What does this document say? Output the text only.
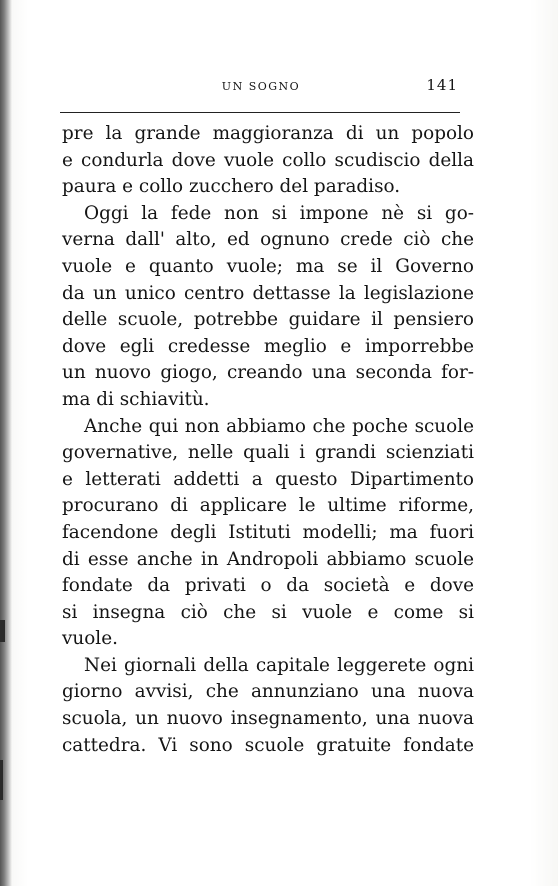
UN SOGNO	141
pre la grande maggioranza di un popolo
e condurla dove vuole collo scudiscio della
paura e collo zucchero del paradiso.
Oggi la fede non si impone nè si go-
verna dall' alto, ed ognuno crede ciò che
vuole e quanto vuole; ma se il Governo
da un unico centro dettasse la legislazione
delle scuole, potrebbe guidare il pensiero
dove egli credesse meglio e imporrebbe
un nuovo giogo, creando una seconda for-
ma di schiavitù.
Anche qui non abbiamo che poche scuole
governative, nelle quali i grandi scienziati
e letterati addetti a questo Dipartimento
procurano di applicare le ultime riforme,
facendone degli Istituti modelli; ma fuori
di esse anche in Andropoli abbiamo scuole
fondate da privati o da società e dove
si insegna ciò che si vuole e come si
vuole.
Nei giornali della capitale leggerete ogni
giorno avvisi, che annunziano una nuova
scuola, un nuovo insegnamento, una nuova
cattedra. Vi sono scuole gratuite fondate
